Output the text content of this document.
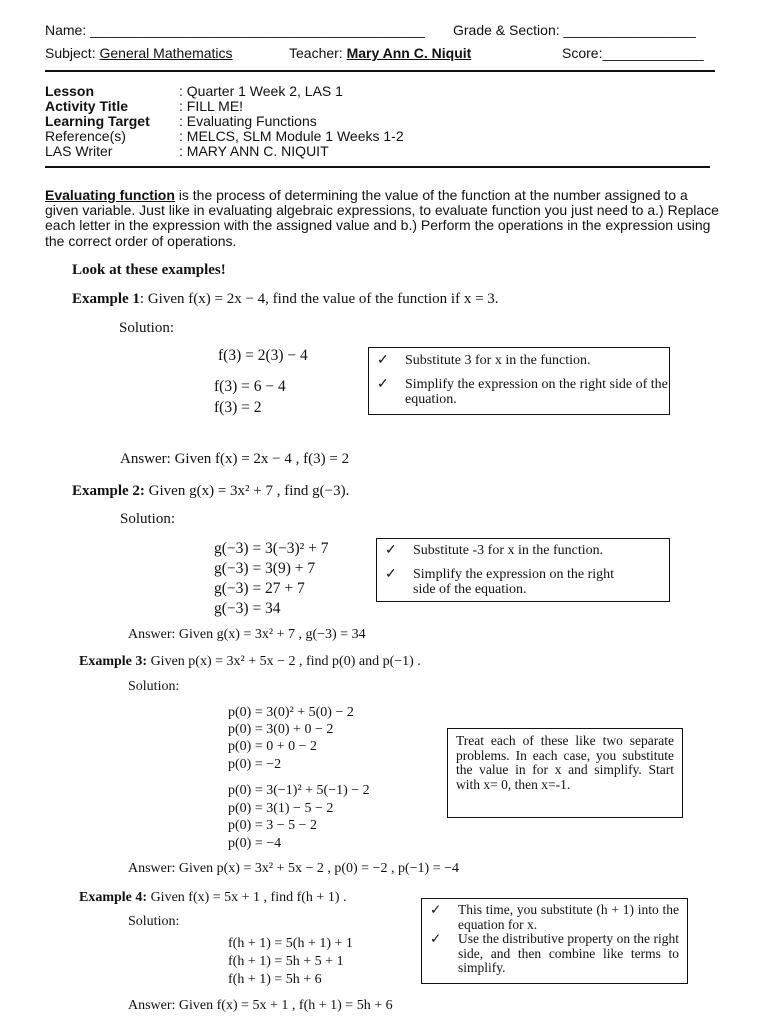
Name: ___________________________________________ Grade & Section: _________________
Subject: General Mathematics	Teacher: Mary Ann C. Niquit	Score:_____________
Lesson
Activity Title
Learning Target
Reference(s)
LAS Writer
: Quarter 1 Week 2, LAS 1
: FILL ME!
: Evaluating Functions
: MELCS, SLM Module 1 Weeks 1-2
: MARY ANN C. NIQUIT
Evaluating function is the process of determining the value of the function at the number assigned to a given variable. Just like in evaluating algebraic expressions, to evaluate function you just need to a.) Replace each letter in the expression with the assigned value and b.) Perform the operations in the expression using the correct order of operations.
Look at these examples!
Example 1: Given f(x) = 2x − 4, find the value of the function if x = 3.
Solution:
f(3) = 2(3) − 4
f(3) = 6 − 4
f(3) = 2
✓ Substitute 3 for x in the function.
✓ Simplify the expression on the right side of the equation.
Answer: Given f(x) = 2x − 4 , f(3) = 2
Example 2: Given g(x) = 3x² + 7 , find g(−3).
Solution:
g(−3) = 3(−3)² + 7
g(−3) = 3(9) + 7
g(−3) = 27 + 7
g(−3) = 34
✓ Substitute -3 for x in the function.
✓ Simplify the expression on the right side of the equation.
Answer: Given g(x) = 3x² + 7 , g(−3) = 34
Example 3: Given p(x) = 3x² + 5x − 2 , find p(0) and p(−1) .
Solution:
p(0) = 3(0)² + 5(0) − 2
p(0) = 3(0) + 0 − 2
p(0) = 0 + 0 − 2
p(0) = −2
p(0) = 3(−1)² + 5(−1) − 2
p(0) = 3(1) − 5 − 2
p(0) = 3 − 5 − 2
p(0) = −4
Treat each of these like two separate problems. In each case, you substitute the value in for x and simplify. Start with x= 0, then x=-1.
Answer: Given p(x) = 3x² + 5x − 2 , p(0) = −2 , p(−1) = −4
Example 4: Given f(x) = 5x + 1 , find f(h + 1) .
Solution:
f(h + 1) = 5(h + 1) + 1
f(h + 1) = 5h + 5 + 1
f(h + 1) = 5h + 6
✓ This time, you substitute (h + 1) into the equation for x.
✓ Use the distributive property on the right side, and then combine like terms to simplify.
Answer: Given f(x) = 5x + 1 , f(h + 1) = 5h + 6
